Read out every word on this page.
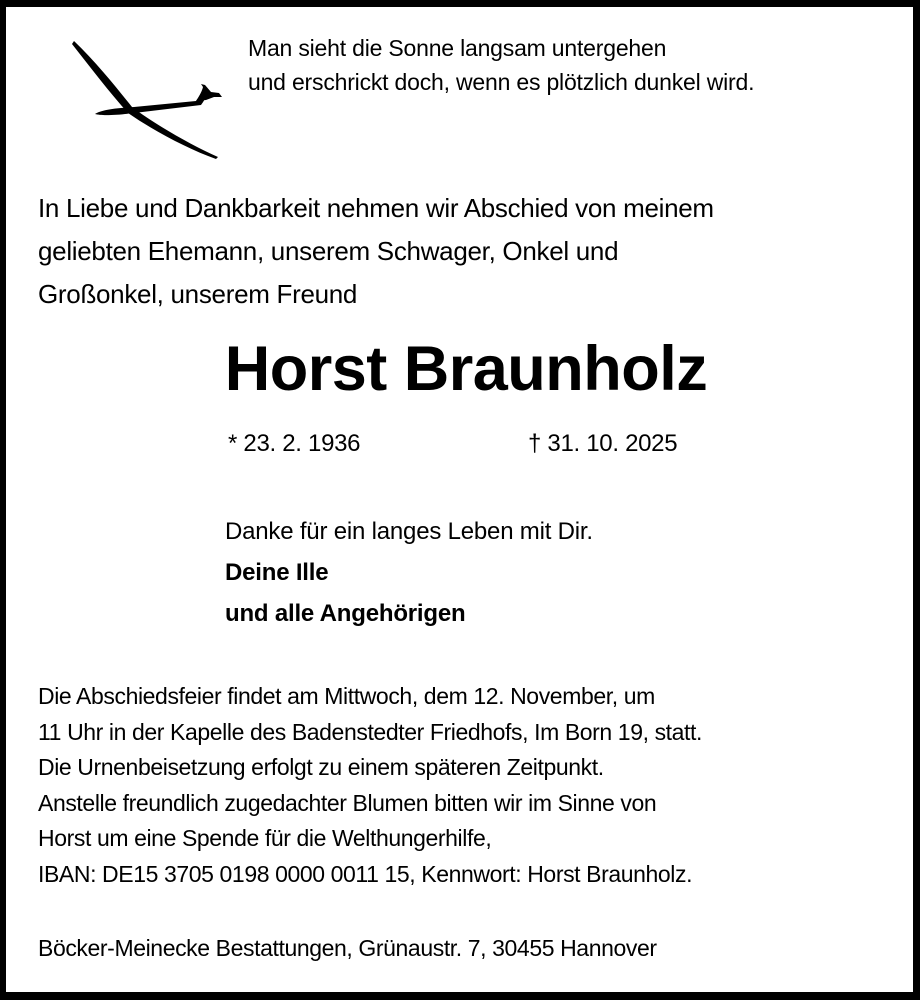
Man sieht die Sonne langsam untergehen
und erschrickt doch, wenn es plötzlich dunkel wird.
In Liebe und Dankbarkeit nehmen wir Abschied von meinem
geliebten Ehemann, unserem Schwager, Onkel und
Großonkel, unserem Freund
Horst Braunholz
* 23. 2. 1936	† 31. 10. 2025
Danke für ein langes Leben mit Dir.
Deine Ille
und alle Angehörigen
Die Abschiedsfeier findet am Mittwoch, dem 12. November, um
11 Uhr in der Kapelle des Badenstedter Friedhofs, Im Born 19, statt.
Die Urnenbeisetzung erfolgt zu einem späteren Zeitpunkt.
Anstelle freundlich zugedachter Blumen bitten wir im Sinne von
Horst um eine Spende für die Welthungerhilfe,
IBAN: DE15 3705 0198 0000 0011 15, Kennwort: Horst Braunholz.
Böcker-Meinecke Bestattungen, Grünaustr. 7, 30455 Hannover
